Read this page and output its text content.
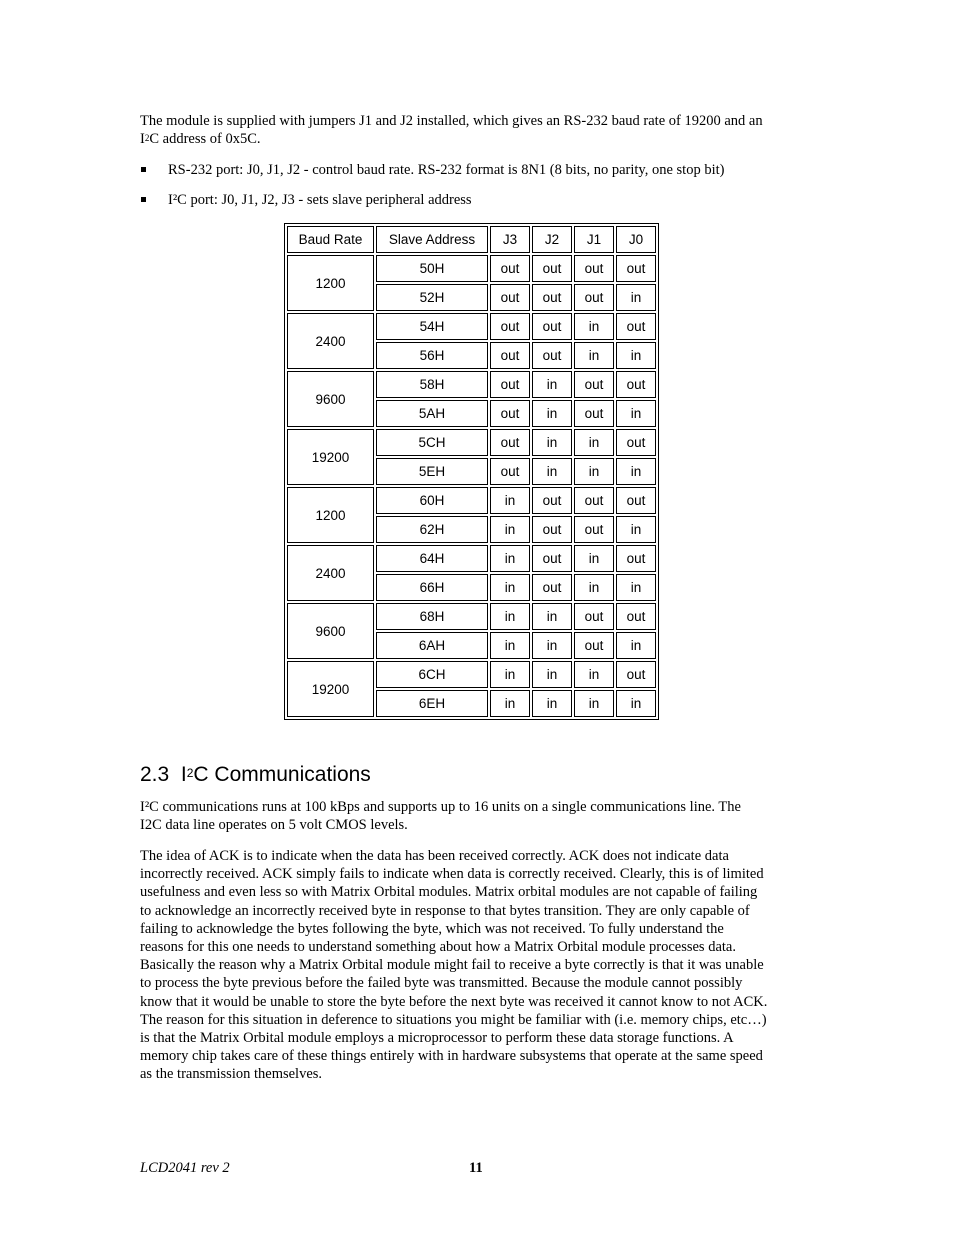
The module is supplied with jumpers J1 and J2 installed, which gives an RS-232 baud rate of 19200 and an
$I^2C$ address of 0x5C.

RS-232 port: J0, J1, J2 - control baud rate. RS-232 format is 8N1 (8 bits, no parity, one stop bit)
I²C port: J0, J1, J2, J3 - sets slave peripheral address
Baud Rate	Slave Address	J3	J2	J1	J0
1200	50H	out	out	out	out
	52H	out	out	out	in
2400	54H	out	out	in	out
	56H	out	out	in	in
9600	58H	out	in	out	out
	5AH	out	in	out	in
19200	5CH	out	in	in	out
	5EH	out	in	in	in
1200	60H	in	out	out	out
	62H	in	out	out	in
2400	64H	in	out	in	out
	66H	in	out	in	in
9600	68H	in	in	out	out
	6AH	in	in	out	in
19200	6CH	in	in	in	out
	6EH	in	in	in	in
2.3 $I^2C$ Communications

I²C communications runs at 100 kBps and supports up to 16 units on a single communications line. The
I2C data line operates on 5 volt CMOS levels.

The idea of ACK is to indicate when the data has been received correctly. ACK does not indicate data
incorrectly received. ACK simply fails to indicate when data is correctly received. Clearly, this is of limited
usefulness and even less so with Matrix Orbital modules. Matrix orbital modules are not capable of failing
to acknowledge an incorrectly received byte in response to that bytes transition. They are only capable of
failing to acknowledge the bytes following the byte, which was not received. To fully understand the
reasons for this one needs to understand something about how a Matrix Orbital module processes data.
Basically the reason why a Matrix Orbital module might fail to receive a byte correctly is that it was unable
to process the byte previous before the failed byte was transmitted. Because the module cannot possibly
know that it would be unable to store the byte before the next byte was received it cannot know to not ACK.
The reason for this situation in deference to situations you might be familiar with (i.e. memory chips, etc…)
is that the Matrix Orbital module employs a microprocessor to perform these data storage functions. A
memory chip takes care of these things entirely with in hardware subsystems that operate at the same speed
as the transmission themselves.

LCD2041 rev 2	11
